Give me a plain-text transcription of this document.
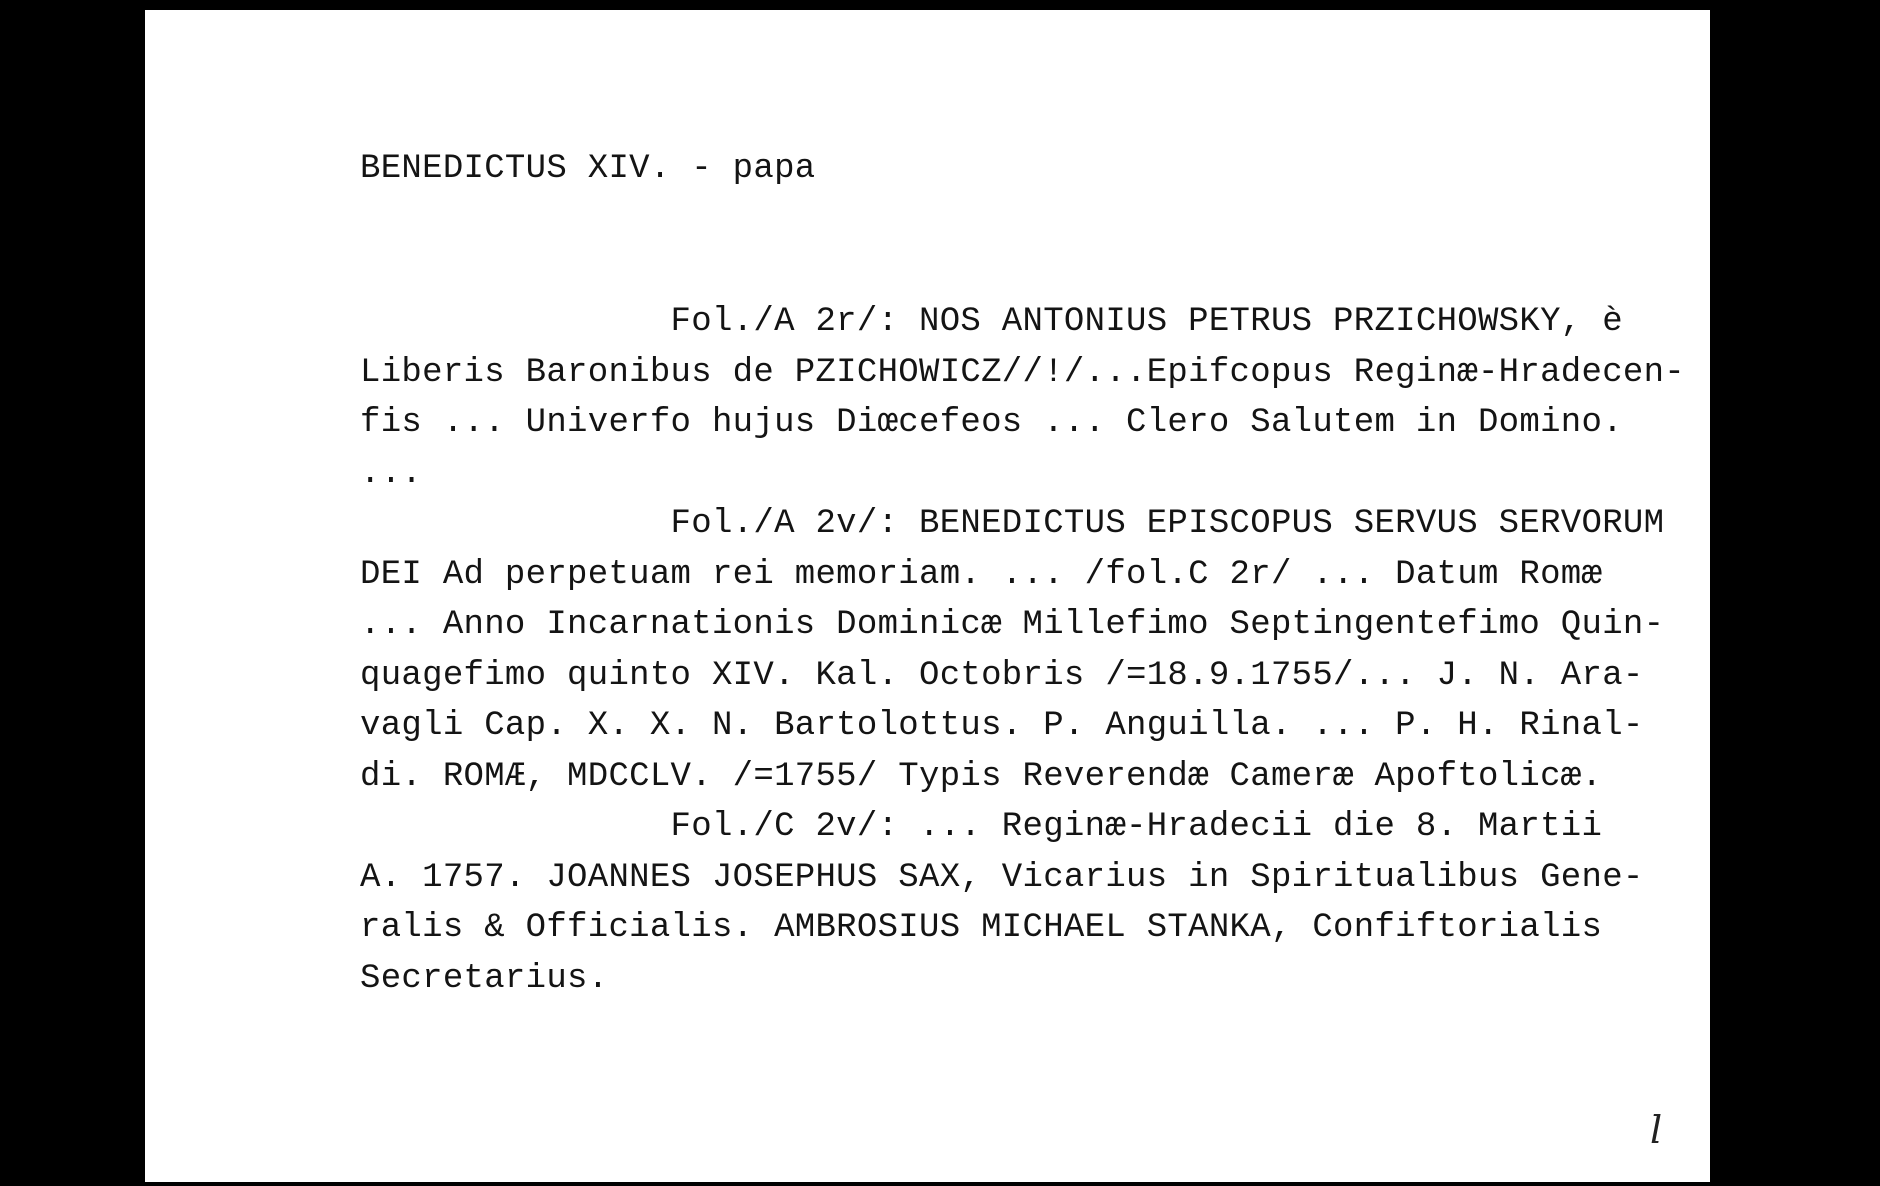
BENEDICTUS XIV. - papa
Fol./A 2r/: NOS ANTONIUS PETRUS PRZICHOWSKY, è
Liberis Baronibus de PZICHOWICZ//!/...Epifcopus Reginæ-Hradecen-
fis ... Univerfo hujus Diœcefeos ... Clero Salutem in Domino.
...
Fol./A 2v/: BENEDICTUS EPISCOPUS SERVUS SERVORUM
DEI Ad perpetuam rei memoriam. ... /fol.C 2r/ ... Datum Romæ
... Anno Incarnationis Dominicæ Millefimo Septingentefimo Quin-
quagefimo quinto XIV. Kal. Octobris /=18.9.1755/... J. N. Ara-
vagli Cap. X. X. N. Bartolottus. P. Anguilla. ... P. H. Rinal-
di. ROMÆ, MDCCLV. /=1755/ Typis Reverendæ Cameræ Apoftolicæ.
Fol./C 2v/: ... Reginæ-Hradecii die 8. Martii
A. 1757. JOANNES JOSEPHUS SAX, Vicarius in Spiritualibus Gene-
ralis & Officialis. AMBROSIUS MICHAEL STANKA, Confiftorialis
Secretarius.
l
